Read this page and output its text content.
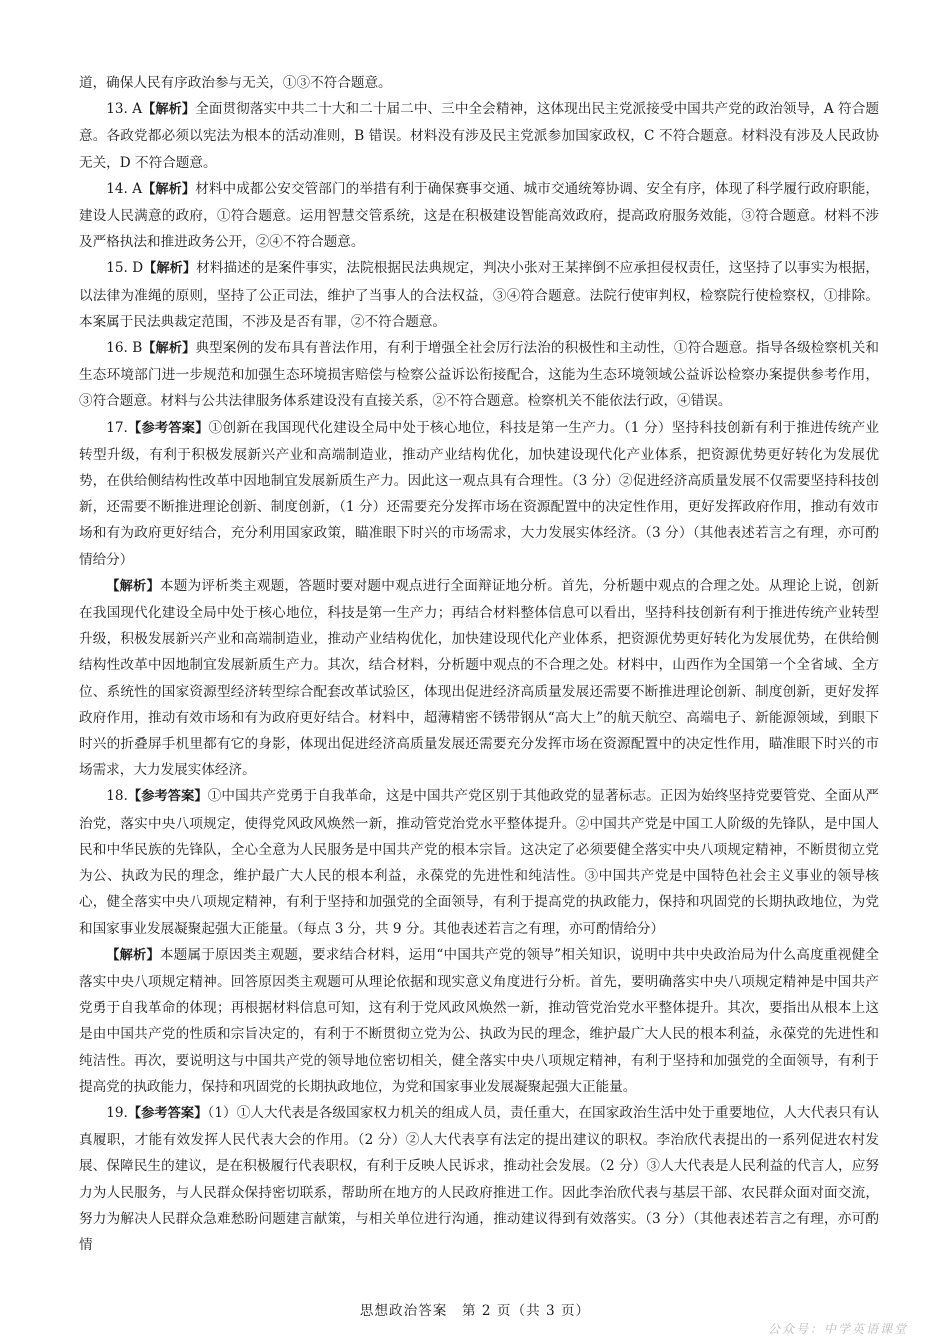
道，确保人民有序政治参与无关，①③不符合题意。

13. A【解析】全面贯彻落实中共二十大和二十届二中、三中全会精神，这体现出民主党派接受中国共产党的政治领导，A 符合题意。各政党都必须以宪法为根本的活动准则，B 错误。材料没有涉及民主党派参加国家政权，C 不符合题意。材料没有涉及人民政协无关，D 不符合题意。

14. A【解析】材料中成都公安交管部门的举措有利于确保赛事交通、城市交通统筹协调、安全有序，体现了科学履行政府职能，建设人民满意的政府，①符合题意。运用智慧交管系统，这是在积极建设智能高效政府，提高政府服务效能，③符合题意。材料不涉及严格执法和推进政务公开，②④不符合题意。

15. D【解析】材料描述的是案件事实，法院根据民法典规定，判决小张对王某摔倒不应承担侵权责任，这坚持了以事实为根据，以法律为准绳的原则，坚持了公正司法，维护了当事人的合法权益，③④符合题意。法院行使审判权，检察院行使检察权，①排除。本案属于民法典裁定范围，不涉及是否有罪，②不符合题意。

16. B【解析】典型案例的发布具有普法作用，有利于增强全社会厉行法治的积极性和主动性，①符合题意。指导各级检察机关和生态环境部门进一步规范和加强生态环境损害赔偿与检察公益诉讼衔接配合，这能为生态环境领域公益诉讼检察办案提供参考作用，③符合题意。材料与公共法律服务体系建设没有直接关系，②不符合题意。检察机关不能依法行政，④错误。

17.【参考答案】①创新在我国现代化建设全局中处于核心地位，科技是第一生产力。（1 分）坚持科技创新有利于推进传统产业转型升级，有利于积极发展新兴产业和高端制造业，推动产业结构优化，加快建设现代化产业体系，把资源优势更好转化为发展优势，在供给侧结构性改革中因地制宜发展新质生产力。因此这一观点具有合理性。（3 分）②促进经济高质量发展不仅需要坚持科技创新，还需要不断推进理论创新、制度创新，（1 分）还需要充分发挥市场在资源配置中的决定性作用，更好发挥政府作用，推动有效市场和有为政府更好结合，充分利用国家政策，瞄准眼下时兴的市场需求，大力发展实体经济。（3 分）（其他表述若言之有理，亦可酌情给分）

【解析】本题为评析类主观题，答题时要对题中观点进行全面辩证地分析。首先，分析题中观点的合理之处。从理论上说，创新在我国现代化建设全局中处于核心地位，科技是第一生产力；再结合材料整体信息可以看出，坚持科技创新有利于推进传统产业转型升级，积极发展新兴产业和高端制造业，推动产业结构优化，加快建设现代化产业体系，把资源优势更好转化为发展优势，在供给侧结构性改革中因地制宜发展新质生产力。其次，结合材料，分析题中观点的不合理之处。材料中，山西作为全国第一个全省域、全方位、系统性的国家资源型经济转型综合配套改革试验区，体现出促进经济高质量发展还需要不断推进理论创新、制度创新，更好发挥政府作用，推动有效市场和有为政府更好结合。材料中，超薄精密不锈带钢从“高大上”的航天航空、高端电子、新能源领域，到眼下时兴的折叠屏手机里都有它的身影，体现出促进经济高质量发展还需要充分发挥市场在资源配置中的决定性作用，瞄准眼下时兴的市场需求，大力发展实体经济。

18.【参考答案】①中国共产党勇于自我革命，这是中国共产党区别于其他政党的显著标志。正因为始终坚持党要管党、全面从严治党，落实中央八项规定，使得党风政风焕然一新，推动管党治党水平整体提升。②中国共产党是中国工人阶级的先锋队，是中国人民和中华民族的先锋队，全心全意为人民服务是中国共产党的根本宗旨。这决定了必须要健全落实中央八项规定精神，不断贯彻立党为公、执政为民的理念，维护最广大人民的根本利益，永葆党的先进性和纯洁性。③中国共产党是中国特色社会主义事业的领导核心，健全落实中央八项规定精神，有利于坚持和加强党的全面领导，有利于提高党的执政能力，保持和巩固党的长期执政地位，为党和国家事业发展凝聚起强大正能量。（每点 3 分，共 9 分。其他表述若言之有理，亦可酌情给分）

【解析】本题属于原因类主观题，要求结合材料，运用“中国共产党的领导”相关知识，说明中共中央政治局为什么高度重视健全落实中央八项规定精神。回答原因类主观题可从理论依据和现实意义角度进行分析。首先，要明确落实中央八项规定精神是中国共产党勇于自我革命的体现；再根据材料信息可知，这有利于党风政风焕然一新，推动管党治党水平整体提升。其次，要指出从根本上这是由中国共产党的性质和宗旨决定的，有利于不断贯彻立党为公、执政为民的理念，维护最广大人民的根本利益，永葆党的先进性和纯洁性。再次，要说明这与中国共产党的领导地位密切相关，健全落实中央八项规定精神，有利于坚持和加强党的全面领导，有利于提高党的执政能力，保持和巩固党的长期执政地位，为党和国家事业发展凝聚起强大正能量。

19.【参考答案】（1）①人大代表是各级国家权力机关的组成人员，责任重大，在国家政治生活中处于重要地位，人大代表只有认真履职，才能有效发挥人民代表大会的作用。（2 分）②人大代表享有法定的提出建议的职权。李治欣代表提出的一系列促进农村发展、保障民生的建议，是在积极履行代表职权，有利于反映人民诉求，推动社会发展。（2 分）③人大代表是人民利益的代言人，应努力为人民服务，与人民群众保持密切联系，帮助所在地方的人民政府推进工作。因此李治欣代表与基层干部、农民群众面对面交流，努力为解决人民群众急难愁盼问题建言献策，与相关单位进行沟通，推动建议得到有效落实。（3 分）（其他表述若言之有理，亦可酌情

思想政治答案　第 2 页（共 3 页）
公众号：中学英语课堂
